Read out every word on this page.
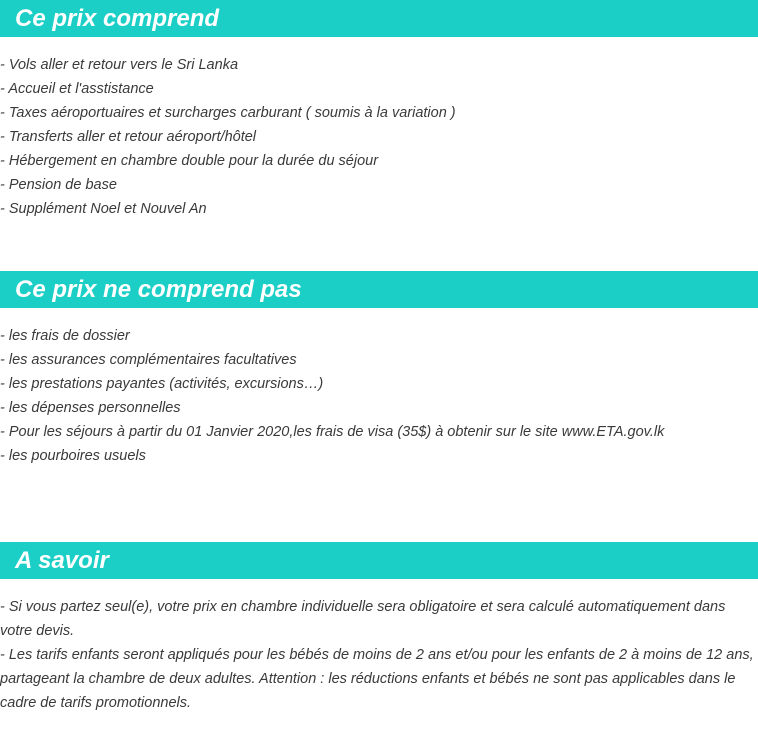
Ce prix comprend
- Vols aller et retour vers le Sri Lanka
- Accueil et l'asstistance
- Taxes aéroportuaires et surcharges carburant ( soumis à la variation )
- Transferts aller et retour aéroport/hôtel
- Hébergement en chambre double pour la durée du séjour
- Pension de base
- Supplément Noel et Nouvel An
Ce prix ne comprend pas
- les frais de dossier
- les assurances complémentaires facultatives
- les prestations payantes (activités, excursions…)
- les dépenses personnelles
- Pour les séjours à partir du 01 Janvier 2020,les frais de visa (35$) à obtenir sur le site www.ETA.gov.lk
- les pourboires usuels
A savoir

- Si vous partez seul(e), votre prix en chambre individuelle sera obligatoire et sera calculé automatiquement dans votre devis.

- Les tarifs enfants seront appliqués pour les bébés de moins de 2 ans et/ou pour les enfants de 2 à moins de 12 ans, partageant la chambre de deux adultes. Attention : les réductions enfants et bébés ne sont pas applicables dans le cadre de tarifs promotionnels.
